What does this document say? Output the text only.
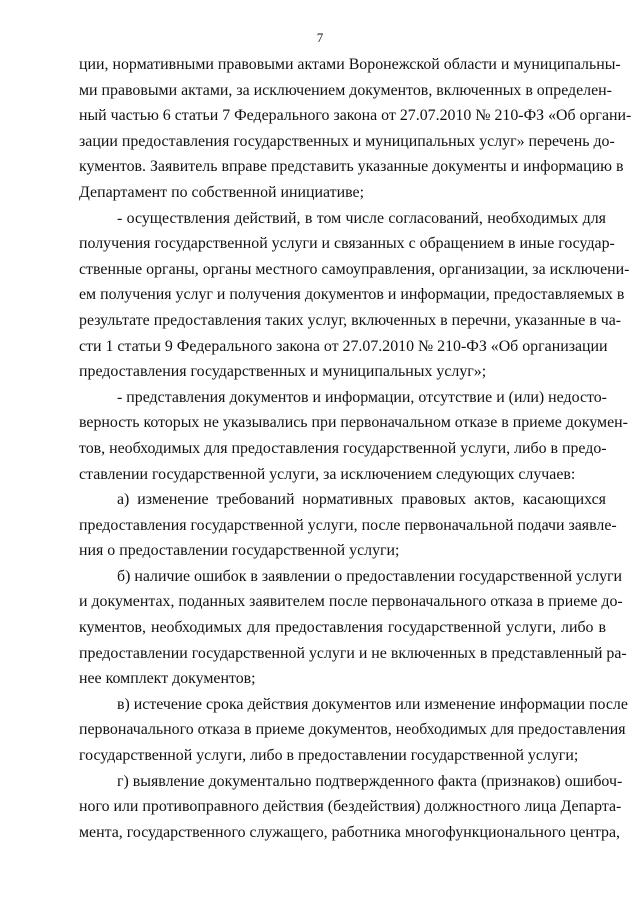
7
ции, нормативными правовыми актами Воронежской области и муниципальны-
ми правовыми актами, за исключением документов, включенных в определен-
ный частью 6 статьи 7 Федерального закона от 27.07.2010 № 210-ФЗ «Об органи-
зации предоставления государственных и муниципальных услуг» перечень до-
кументов. Заявитель вправе представить указанные документы и информацию в
Департамент по собственной инициативе;
- осуществления действий, в том числе согласований, необходимых для
получения государственной услуги и связанных с обращением в иные государ-
ственные органы, органы местного самоуправления, организации, за исключени-
ем получения услуг и получения документов и информации, предоставляемых в
результате предоставления таких услуг, включенных в перечни, указанные в ча-
сти 1 статьи 9 Федерального закона от 27.07.2010 № 210-ФЗ «Об организации
предоставления государственных и муниципальных услуг»;
- представления документов и информации, отсутствие и (или) недосто-
верность которых не указывались при первоначальном отказе в приеме докумен-
тов, необходимых для предоставления государственной услуги, либо в предо-
ставлении государственной услуги, за исключением следующих случаев:
а) изменение требований нормативных правовых актов, касающихся
предоставления государственной услуги, после первоначальной подачи заявле-
ния о предоставлении государственной услуги;
б) наличие ошибок в заявлении о предоставлении государственной услуги
и документах, поданных заявителем после первоначального отказа в приеме до-
кументов, необходимых для предоставления государственной услуги, либо в
предоставлении государственной услуги и не включенных в представленный ра-
нее комплект документов;
в) истечение срока действия документов или изменение информации после
первоначального отказа в приеме документов, необходимых для предоставления
государственной услуги, либо в предоставлении государственной услуги;
г) выявление документально подтвержденного факта (признаков) ошибоч-
ного или противоправного действия (бездействия) должностного лица Департа-
мента, государственного служащего, работника многофункционального центра,
